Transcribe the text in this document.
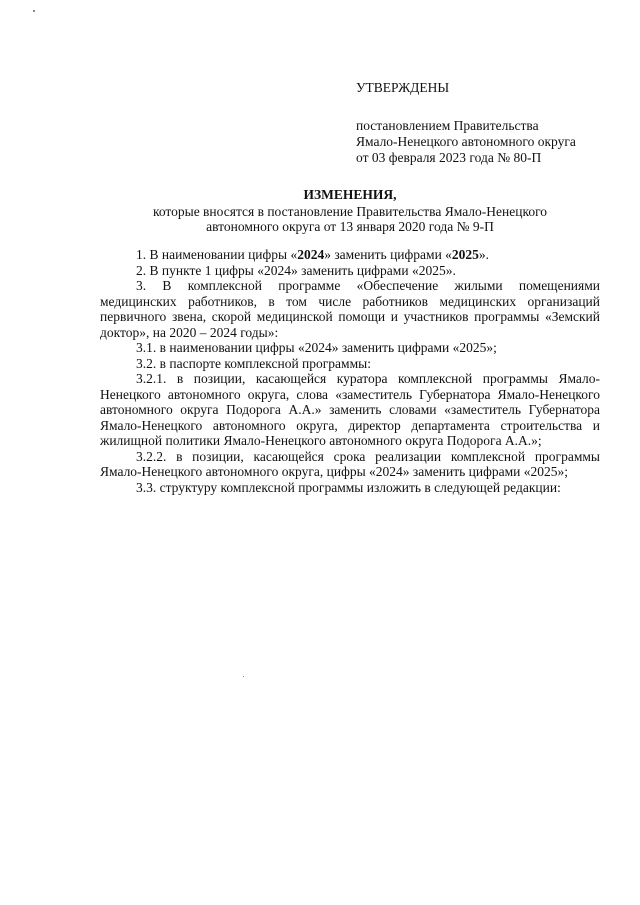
УТВЕРЖДЕНЫ
постановлением Правительства
Ямало-Ненецкого автономного округа
от 03 февраля 2023 года № 80-П
ИЗМЕНЕНИЯ,
которые вносятся в постановление Правительства Ямало-Ненецкого
автономного округа от 13 января 2020 года № 9-П

1. В наименовании цифры «2024» заменить цифрами «2025».

2. В пункте 1 цифры «2024» заменить цифрами «2025».

3. В комплексной программе «Обеспечение жилыми помещениями медицинских работников, в том числе работников медицинских организаций первичного звена, скорой медицинской помощи и участников программы «Земский доктор», на 2020 – 2024 годы»:

3.1. в наименовании цифры «2024» заменить цифрами «2025»;

3.2. в паспорте комплексной программы:

3.2.1. в позиции, касающейся куратора комплексной программы Ямало-Ненецкого автономного округа, слова «заместитель Губернатора Ямало-Ненецкого автономного округа Подорога А.А.» заменить словами «заместитель Губернатора Ямало-Ненецкого автономного округа, директор департамента строительства и жилищной политики Ямало-Ненецкого автономного округа Подорога А.А.»;

3.2.2. в позиции, касающейся срока реализации комплексной программы Ямало-Ненецкого автономного округа, цифры «2024» заменить цифрами «2025»;

3.3. структуру комплексной программы изложить в следующей редакции:
